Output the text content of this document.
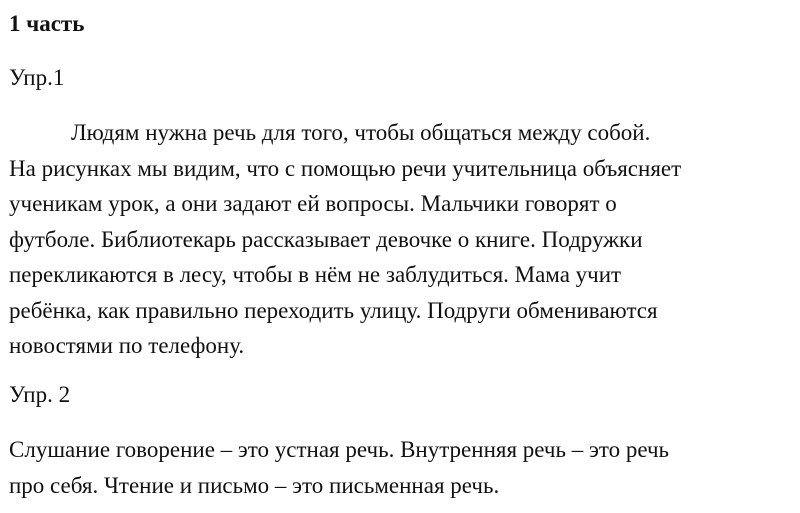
1 часть
Упр.1
Людям нужна речь для того, чтобы общаться между собой.
На рисунках мы видим, что с помощью речи учительница объясняет
ученикам урок, а они задают ей вопросы. Мальчики говорят о
футболе. Библиотекарь рассказывает девочке о книге. Подружки
перекликаются в лесу, чтобы в нём не заблудиться. Мама учит
ребёнка, как правильно переходить улицу. Подруги обмениваются
новостями по телефону.
Упр. 2
Слушание говорение – это устная речь. Внутренняя речь – это речь
про себя. Чтение и письмо – это письменная речь.
